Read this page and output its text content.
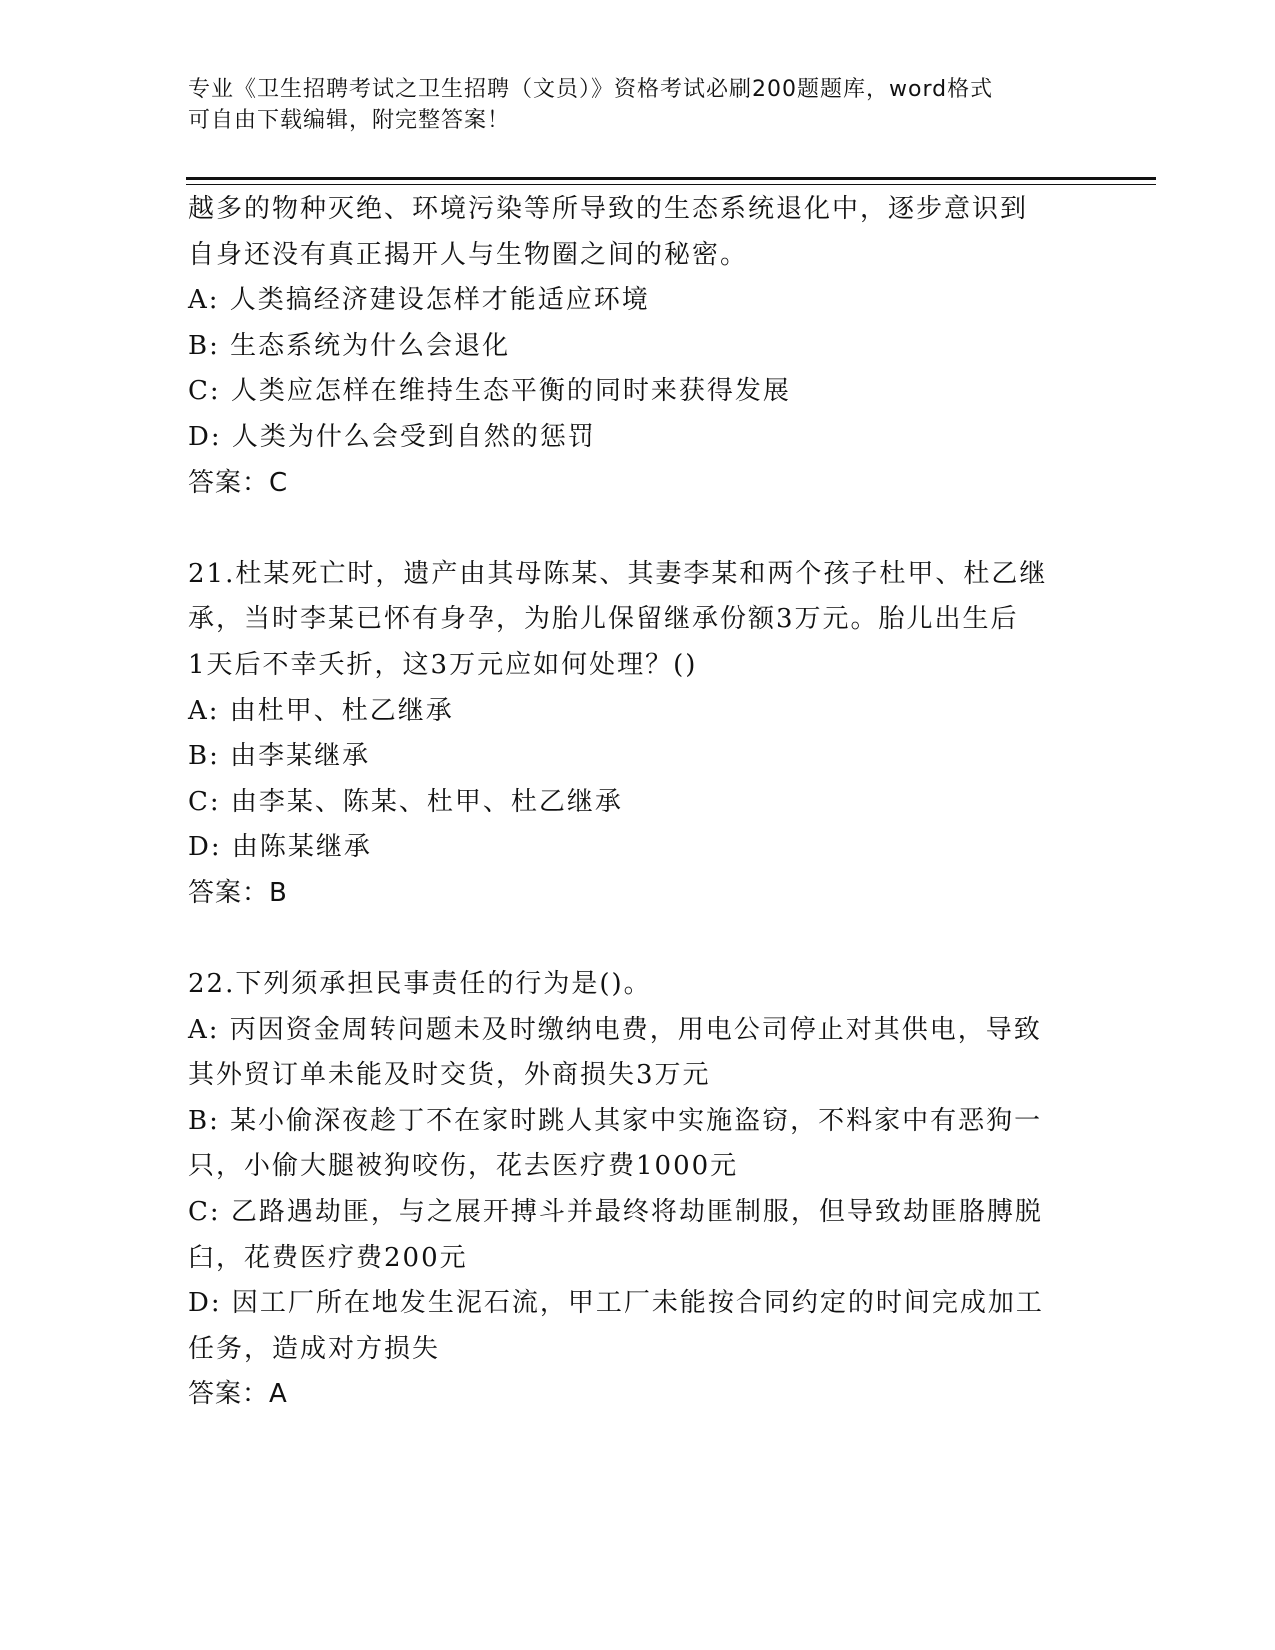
专业《卫生招聘考试之卫生招聘（文员）》资格考试必刷200题题库，word格式
可自由下载编辑，附完整答案！
越多的物种灭绝、环境污染等所导致的生态系统退化中，逐步意识到
自身还没有真正揭开人与生物圈之间的秘密。
A: 人类搞经济建设怎样才能适应环境
B: 生态系统为什么会退化
C: 人类应怎样在维持生态平衡的同时来获得发展
D: 人类为什么会受到自然的惩罚
答案：C
21.杜某死亡时，遗产由其母陈某、其妻李某和两个孩子杜甲、杜乙继
承，当时李某已怀有身孕，为胎儿保留继承份额3万元。胎儿出生后
1天后不幸夭折，这3万元应如何处理？()
A: 由杜甲、杜乙继承
B: 由李某继承
C: 由李某、陈某、杜甲、杜乙继承
D: 由陈某继承
答案：B
22.下列须承担民事责任的行为是()。
A: 丙因资金周转问题未及时缴纳电费，用电公司停止对其供电，导致
其外贸订单未能及时交货，外商损失3万元
B: 某小偷深夜趁丁不在家时跳人其家中实施盗窃，不料家中有恶狗一
只，小偷大腿被狗咬伤，花去医疗费1000元
C: 乙路遇劫匪，与之展开搏斗并最终将劫匪制服，但导致劫匪胳膊脱
臼，花费医疗费200元
D: 因工厂所在地发生泥石流，甲工厂未能按合同约定的时间完成加工
任务，造成对方损失
答案：A
